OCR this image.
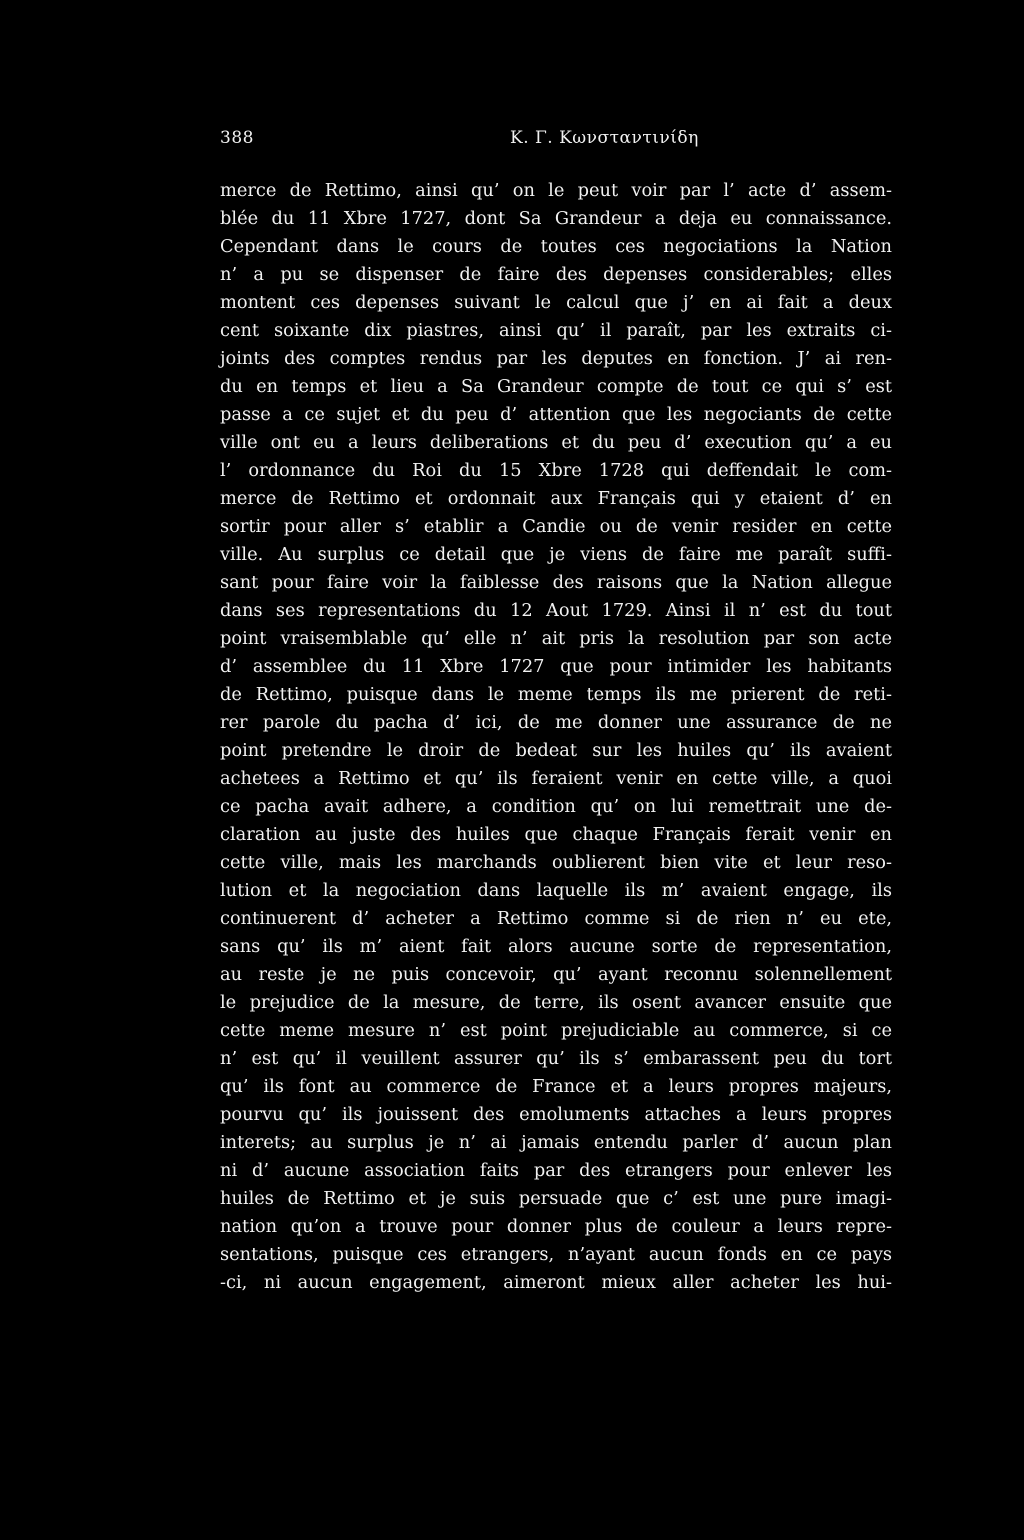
388	Κ. Γ. Κωνσταντινίδη
merce de Rettimo, ainsi qu’ on le peut voir par l’ acte d’ assem-
blée du 11 Xbre 1727, dont Sa Grandeur a deja eu connaissance.
Cependant dans le cours de toutes ces negociations la Nation
n’ a pu se dispenser de faire des depenses considerables; elles
montent ces depenses suivant le calcul que j’ en ai fait a deux
cent soixante dix piastres, ainsi qu’ il paraît, par les extraits ci-
joints des comptes rendus par les deputes en fonction. J’ ai ren-
du en temps et lieu a Sa Grandeur compte de tout ce qui s’ est
passe a ce sujet et du peu d’ attention que les negociants de cette
ville ont eu a leurs deliberations et du peu d’ execution qu’ a eu
l’ ordonnance du Roi du 15 Xbre 1728 qui deffendait le com-
merce de Rettimo et ordonnait aux Français qui y etaient d’ en
sortir pour aller s’ etablir a Candie ou de venir resider en cette
ville. Au surplus ce detail que je viens de faire me paraît suffi-
sant pour faire voir la faiblesse des raisons que la Nation allegue
dans ses representations du 12 Aout 1729. Ainsi il n’ est du tout
point vraisemblable qu’ elle n’ ait pris la resolution par son acte
d’ assemblee du 11 Xbre 1727 que pour intimider les habitants
de Rettimo, puisque dans le meme temps ils me prierent de reti-
rer parole du pacha d’ ici, de me donner une assurance de ne
point pretendre le droir de bedeat sur les huiles qu’ ils avaient
achetees a Rettimo et qu’ ils feraient venir en cette ville, a quoi
ce pacha avait adhere, a condition qu’ on lui remettrait une de-
claration au juste des huiles que chaque Français ferait venir en
cette ville, mais les marchands oublierent bien vite et leur reso-
lution et la negociation dans laquelle ils m’ avaient engage, ils
continuerent d’ acheter a Rettimo comme si de rien n’ eu ete,
sans qu’ ils m’ aient fait alors aucune sorte de representation,
au reste je ne puis concevoir, qu’ ayant reconnu solennellement
le prejudice de la mesure, de terre, ils osent avancer ensuite que
cette meme mesure n’ est point prejudiciable au commerce, si ce
n’ est qu’ il veuillent assurer qu’ ils s’ embarassent peu du tort
qu’ ils font au commerce de France et a leurs propres majeurs,
pourvu qu’ ils jouissent des emoluments attaches a leurs propres
interets; au surplus je n’ ai jamais entendu parler d’ aucun plan
ni d’ aucune association faits par des etrangers pour enlever les
huiles de Rettimo et je suis persuade que c’ est une pure imagi-
nation qu’on a trouve pour donner plus de couleur a leurs repre-
sentations, puisque ces etrangers, n’ayant aucun fonds en ce pays
-ci, ni aucun engagement, aimeront mieux aller acheter les hui-
